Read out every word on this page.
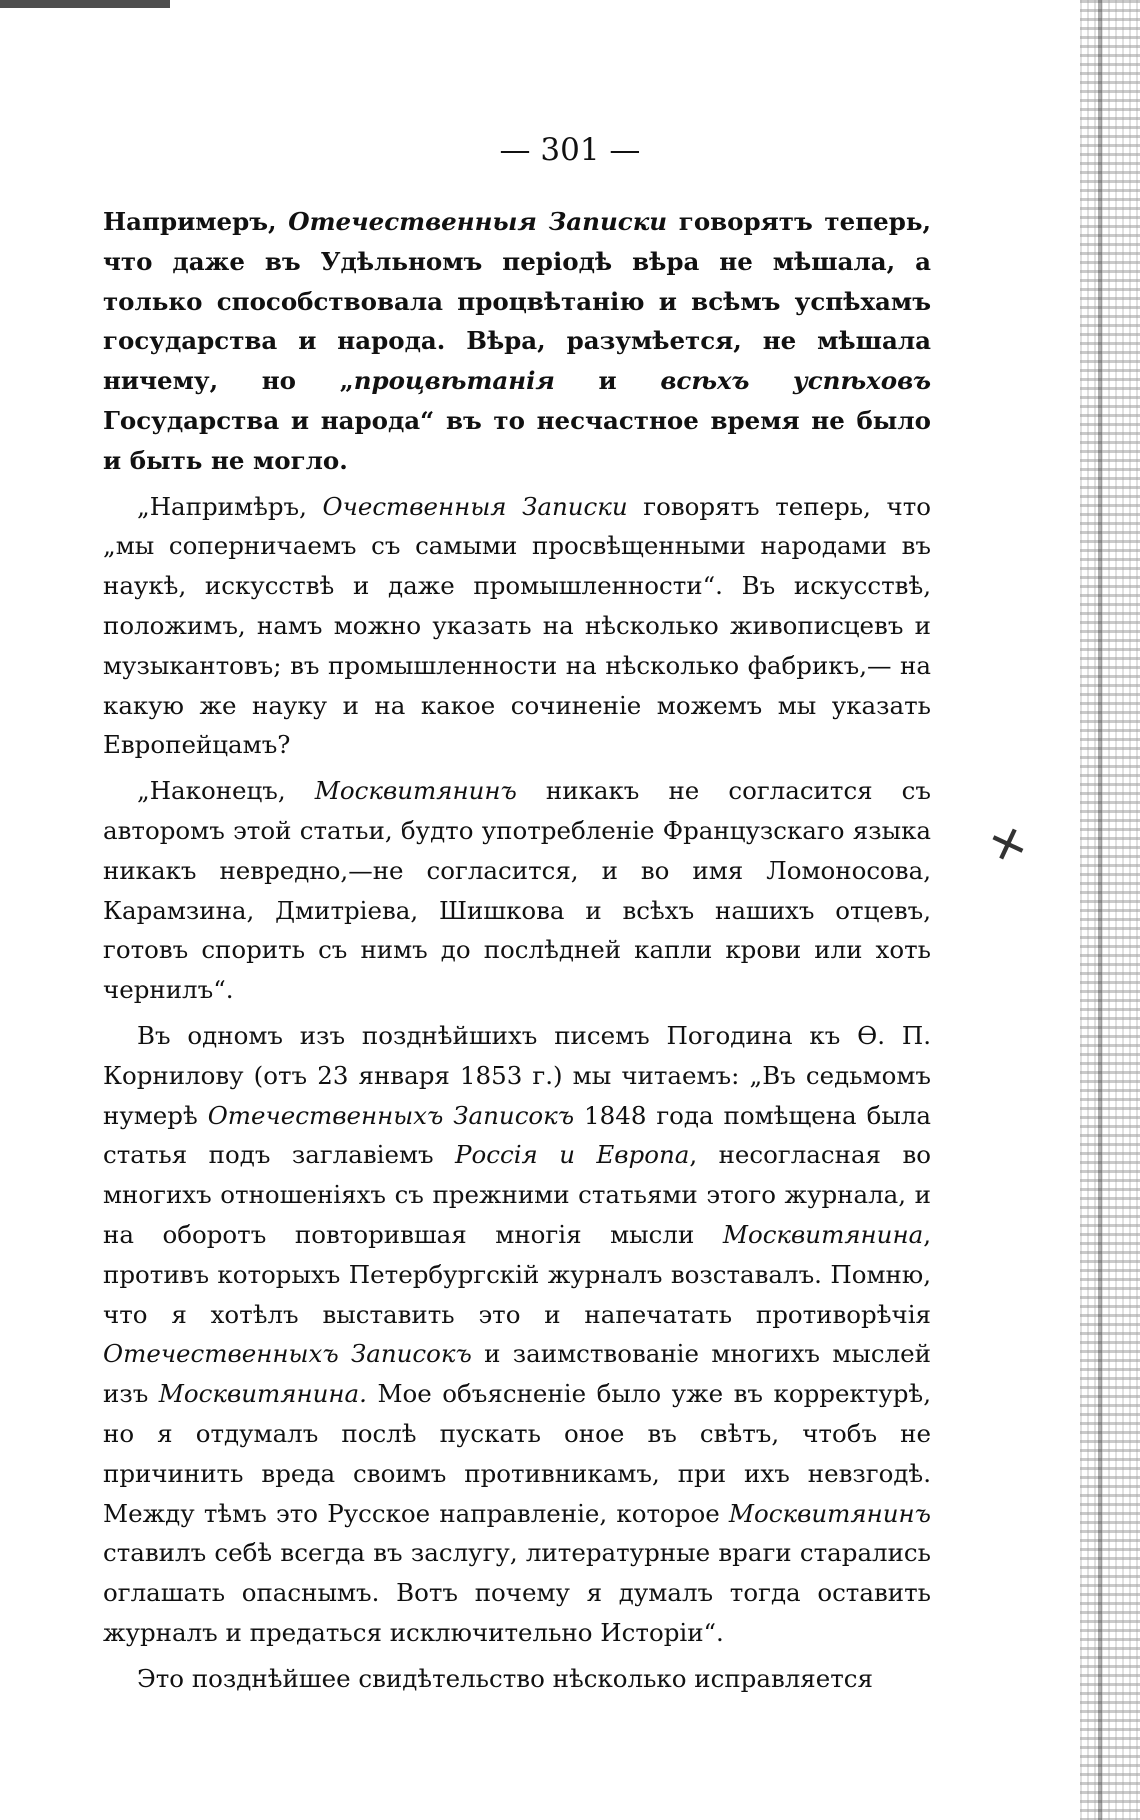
— 301 —

Напримеръ, Отечественныя Записки говорятъ теперь, что даже въ Удѣльномъ періодѣ вѣра не мѣшала, а только способствовала процвѣтанію и всѣмъ успѣхамъ государства и народа. Вѣра, разумѣется, не мѣшала ничему, но „процвѣтанія и всѣхъ успѣховъ Государства и народа“ въ то несчастное время не было и быть не могло.

„Напримѣръ, Очественныя Записки говорятъ теперь, что „мы соперничаемъ съ самыми просвѣщенными народами въ наукѣ, искусствѣ и даже промышленности“. Въ искусствѣ, положимъ, намъ можно указать на нѣсколько живописцевъ и музыкантовъ; въ промышленности на нѣсколько фабрикъ,— на какую же науку и на какое сочиненіе можемъ мы указать Европейцамъ?

„Наконецъ, Москвитянинъ никакъ не согласится съ авторомъ этой статьи, будто употребленіе Французскаго языка никакъ невредно,—не согласится, и во имя Ломоносова, Карамзина, Дмитріева, Шишкова и всѣхъ нашихъ отцевъ, готовъ спорить съ нимъ до послѣдней капли крови или хоть чернилъ“.

Въ одномъ изъ позднѣйшихъ писемъ Погодина къ Ѳ. П. Корнилову (отъ 23 января 1853 г.) мы читаемъ: „Въ седьмомъ нумерѣ Отечественныхъ Записокъ 1848 года помѣщена была статья подъ заглавіемъ Россія и Европа, несогласная во многихъ отношеніяхъ съ прежними статьями этого журнала, и на оборотъ повторившая многія мысли Москвитянина, противъ которыхъ Петербургскій журналъ возставалъ. Помню, что я хотѣлъ выставить это и напечатать противорѣчія Отечественныхъ Записокъ и заимствованіе многихъ мыслей изъ Москвитянина. Мое объясненіе было уже въ корректурѣ, но я отдумалъ послѣ пускать оное въ свѣтъ, чтобъ не причинить вреда своимъ противникамъ, при ихъ невзгодѣ. Между тѣмъ это Русское направленіе, которое Москвитянинъ ставилъ себѣ всегда въ заслугу, литературные враги старались оглашать опаснымъ. Вотъ почему я думалъ тогда оставить журналъ и предаться исключительно Исторіи“.

Это позднѣйшее свидѣтельство нѣсколько исправляется

✕
